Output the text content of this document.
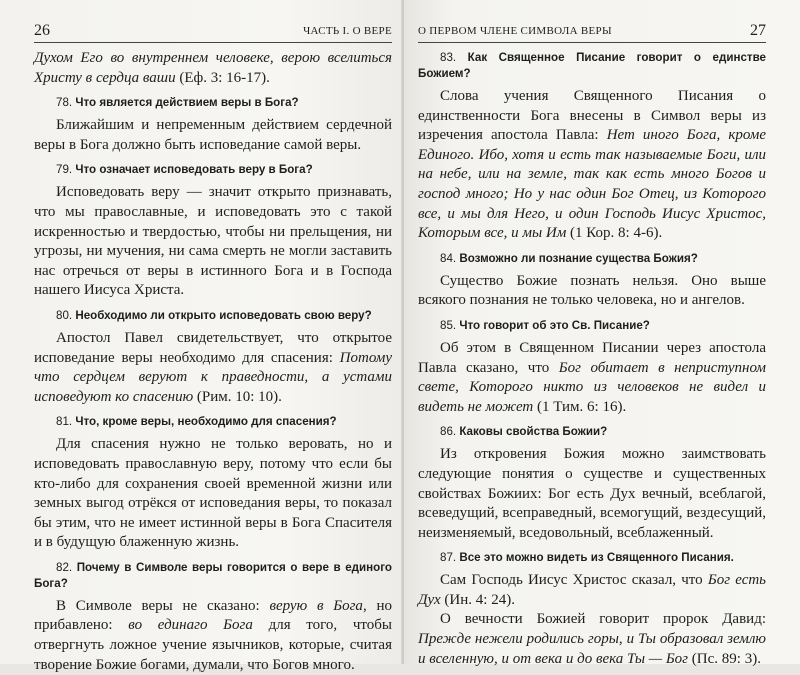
26	ЧАСТЬ I. О ВЕРЕ

Духом Его во внутреннем человеке, верою вселиться Христу в сердца ваши (Еф. 3: 16-17).

78. Что является действием веры в Бога?

Ближайшим и непременным действием сердечной веры в Бога должно быть исповедание самой веры.

79. Что означает исповедовать веру в Бога?

Исповедовать веру — значит открыто признавать, что мы православные, и исповедовать это с такой искренностью и твердостью, чтобы ни прельщения, ни угрозы, ни мучения, ни сама смерть не могли заставить нас отречься от веры в истинного Бога и в Господа нашего Иисуса Христа.

80. Необходимо ли открыто исповедовать свою веру?

Апостол Павел свидетельствует, что открытое исповедание веры необходимо для спасения: Потому что сердцем веруют к праведности, а устами исповедуют ко спасению (Рим. 10: 10).

81. Что, кроме веры, необходимо для спасения?

Для спасения нужно не только веровать, но и исповедовать православную веру, потому что если бы кто-либо для сохранения своей временной жизни или земных выгод отрёкся от исповедания веры, то показал бы этим, что не имеет истинной веры в Бога Спасителя и в будущую блаженную жизнь.

82. Почему в Символе веры говорится о вере в единого Бога?

В Символе веры не сказано: верую в Бога, но прибавлено: во единаго Бога для того, чтобы отвергнуть ложное учение язычников, которые, считая творение Божие богами, думали, что Богов много.

О ПЕРВОМ ЧЛЕНЕ СИМВОЛА ВЕРЫ	27

83. Как Священное Писание говорит о единстве Божием?

Слова учения Священного Писания о единственности Бога внесены в Символ веры из изречения апостола Павла: Нет иного Бога, кроме Единого. Ибо, хотя и есть так называемые Боги, или на небе, или на земле, так как есть много Богов и господ много; Но у нас один Бог Отец, из Которого все, и мы для Него, и один Господь Иисус Христос, Которым все, и мы Им (1 Кор. 8: 4-6).

84. Возможно ли познание существа Божия?

Существо Божие познать нельзя. Оно выше всякого познания не только человека, но и ангелов.

85. Что говорит об это Св. Писание?

Об этом в Священном Писании через апостола Павла сказано, что Бог обитает в неприступном свете, Которого никто из человеков не видел и видеть не может (1 Тим. 6: 16).

86. Каковы свойства Божии?

Из откровения Божия можно заимствовать следующие понятия о существе и существенных свойствах Божиих: Бог есть Дух вечный, всеблагой, всеведущий, всеправедный, всемогущий, вездесущий, неизменяемый, вседовольный, всеблаженный.

87. Все это можно видеть из Священного Писания.

Сам Господь Иисус Христос сказал, что Бог есть Дух (Ин. 4: 24).

О вечности Божией говорит пророк Давид: Прежде нежели родились горы, и Ты образовал землю и вселенную, и от века и до века Ты — Бог (Пс. 89: 3).
